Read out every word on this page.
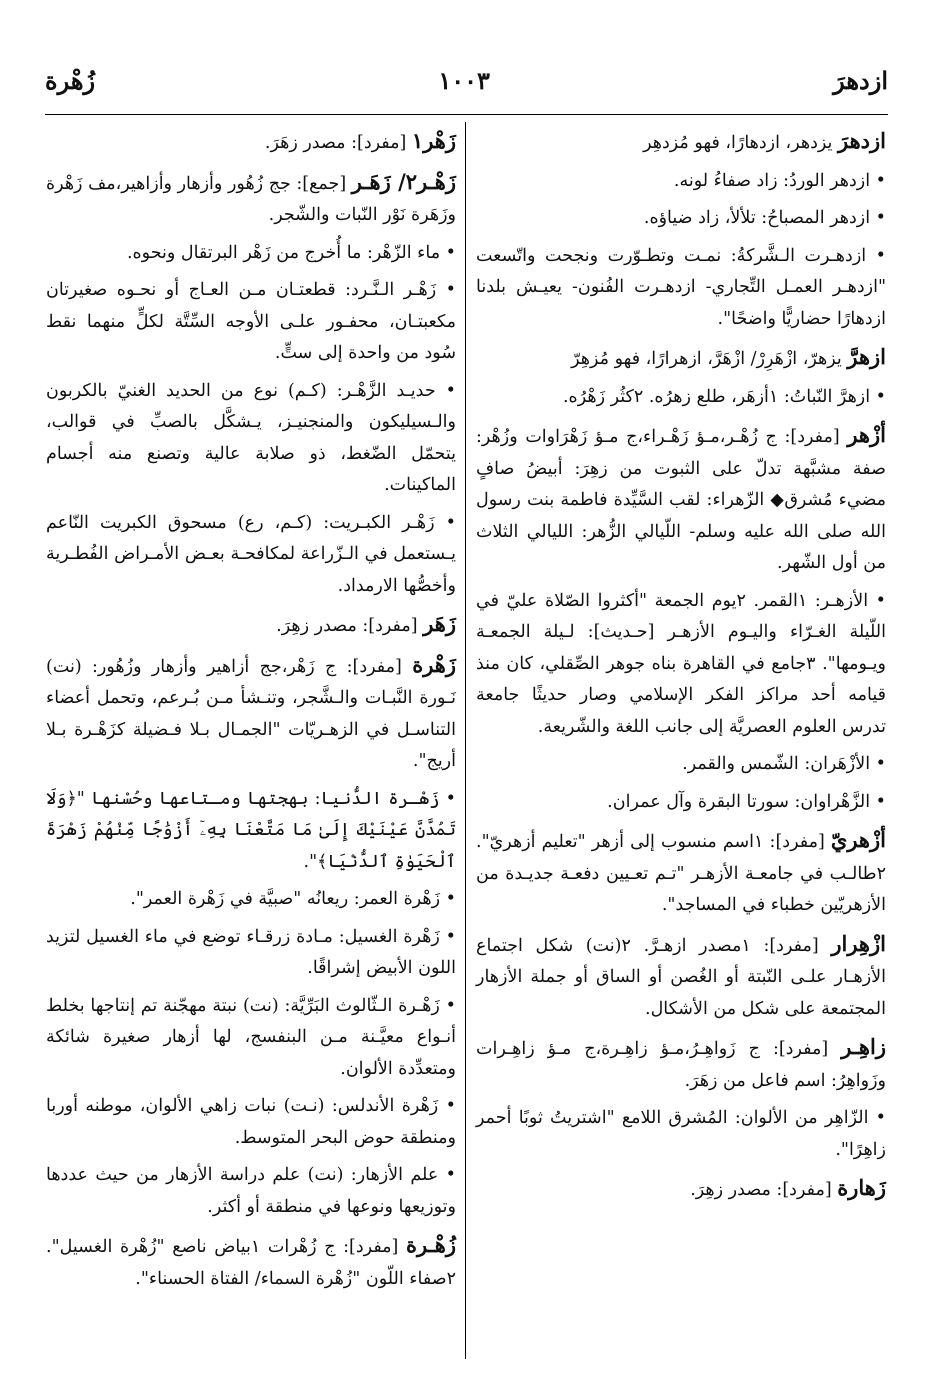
ازدهرَ
١٠٠٣
زُهْرة
ازدهرَ يزدهر، ازدهارًا، فهو مُزدهِر
• ازدهر الوردُ: زاد صفاءُ لونه.
• ازدهر المصباحُ: تلألأ، زاد ضياؤه.
• ازدهـرت الـشَّركةُ: نمـت وتطـوّرت ونجحت واتّسعت "ازدهـر العمـل التِّجاري- ازدهـرت الفُنون- يعيـش بلدنا ازدهارًا حضاريًّا واضحًا".
ازهرَّ يزهرّ، ازْهَرِرْ/ ازْهَرَّ، ازهرارًا، فهو مُزهِرّ
• ازهرَّ النّباتُ: ١أزهَر، طلع زهرُه. ٢كثُر زَهْرُه.
أزْهر [مفرد]: ج زُهْـر،مـؤ زَهْـراء،ج مـؤ زَهْرَاوات وزُهْر: صفة مشبَّهة تدلّ على الثبوت من زهِرَ: أبيضُ صافٍ مضيء مُشرق◆ الزّهراء: لقب السَّيِّدة فاطمة بنت رسول الله صلى الله عليه وسلم- اللّيالي الزُّهر: الليالي الثلاث من أول الشّهر.
• الأزهـر: ١القمر. ٢يوم الجمعة "أكثروا الصّلاة عليّ في اللّيلة الغـرّاء واليـوم الأزهـر [حـديث]: لـيلة الجمعـة ويـومها". ٣جامع في القاهرة بناه جوهر الصِّقلي، كان منذ قيامه أحد مراكز الفكر الإسلامي وصار حديثًا جامعة تدرس العلوم العصريَّة إلى جانب اللغة والشّريعة.
• الأزْهَران: الشّمس والقمر.
• الزَّهْراوان: سورتا البقرة وآل عمران.
أزْهريّ [مفرد]: ١اسم منسوب إلى أزهر "تعليم أزهريّ". ٢طالـب في جامعـة الأزهـر "تـم تعـيين دفعـة جديـدة من الأزهريّين خطباء في المساجد".
ازْهِرار [مفرد]: ١مصدر ازهـرَّ. ٢(نت) شكل اجتماع الأزهـار علـى النّبتة أو الغُصن أو الساق أو جملة الأزهار المجتمعة على شكل من الأشكال.
زاهِـر [مفرد]: ج زَواهِـرُ،مـؤ زاهِـرة،ج مـؤ زاهِـرات وزَواهِرُ: اسم فاعل من زهَرَ.
• الزّاهِر من الألوان: المُشرق اللامع "اشتريتُ ثوبًا أحمر زاهِرًا".
زَهارة [مفرد]: مصدر زهِرَ.
زَهْر١ [مفرد]: مصدر زهَرَ.
زَهْـر٢/ زَهَـر [جمع]: جج زُهُور وأزهار وأزاهير،مف زَهْرة وزَهَرة نَوْر النّبات والشّجر.
• ماء الزّهْر: ما أُخرج من زَهْر البرتقال ونحوه.
• زَهْـر الـنَّـرد: قطعتـان مـن العـاج أو نحـوه صغيرتان مكعبتـان، محفـور علـى الأوجه السِّتَّة لكلٍّ منهما نقط سُود من واحدة إلى ستٍّ.
• حديـد الزَّهْـر: (كـم) نوع من الحديد الغنيّ بالكربون والـسيليكون والمنجنيـز، يـشكَّل بالصبِّ في قوالب، يتحمّل الضّغط، ذو صلابة عالية وتصنع منه أجسام الماكينات.
• زَهْـر الكبـريت: (كـم، رع) مسحوق الكبريت النّاعم يـستعمل في الـزّراعة لمكافحـة بعـض الأمـراض الفُطـرية وأخصُّها الارمداد.
زَهَر [مفرد]: مصدر زهِرَ.
زَهْرة [مفرد]: ج زَهْر،جج أزاهير وأزهار وزُهُور: (نت) نَـورة النَّبـات والـشَّجر، وتنـشأ مـن بُـرعم، وتحمل أعضاء التناسـل في الزهـريّات "الجمـال بـلا فـضيلة كزَهْـرة بـلا أريج".
• زَهْـرة الدُّنيا: بهجتها ومـتاعها وحُسْنها "﴿وَلَا تَمُدَّنَّ عَيْنَيْكَ إِلَىٰ مَا مَتَّعْنَا بِهِۦٓ أَزْوَٰجًا مِّنْهُمْ زَهْرَةَ ٱلْحَيَوٰةِ ٱلدُّنْيَا﴾".
• زَهْرة العمر: ريعانُه "صبيَّة في زَهْرة العمر".
• زَهْرة الغسيل: مـادة زرقـاء توضع في ماء الغسيل لتزيد اللون الأبيض إشراقًا.
• زَهْـرة الـثّالوث البَرِّيَّة: (نت) نبتة مهجّنة تم إنتاجها بخلط أنـواع معيَّـنة مـن البنفسج، لها أزهار صغيرة شائكة ومتعدِّدة الألوان.
• زَهْرة الأندلس: (نـت) نبات زاهي الألوان، موطنه أوربا ومنطقة حوض البحر المتوسط.
• علم الأزهار: (نت) علم دراسة الأزهار من حيث عددها وتوزيعها ونوعها في منطقة أو أكثر.
زُهْـرة [مفرد]: ج زُهْرات ١بياض ناصع "زُهْرة الغسيل". ٢صفاء اللّون "زُهْرة السماء/ الفتاة الحسناء".
